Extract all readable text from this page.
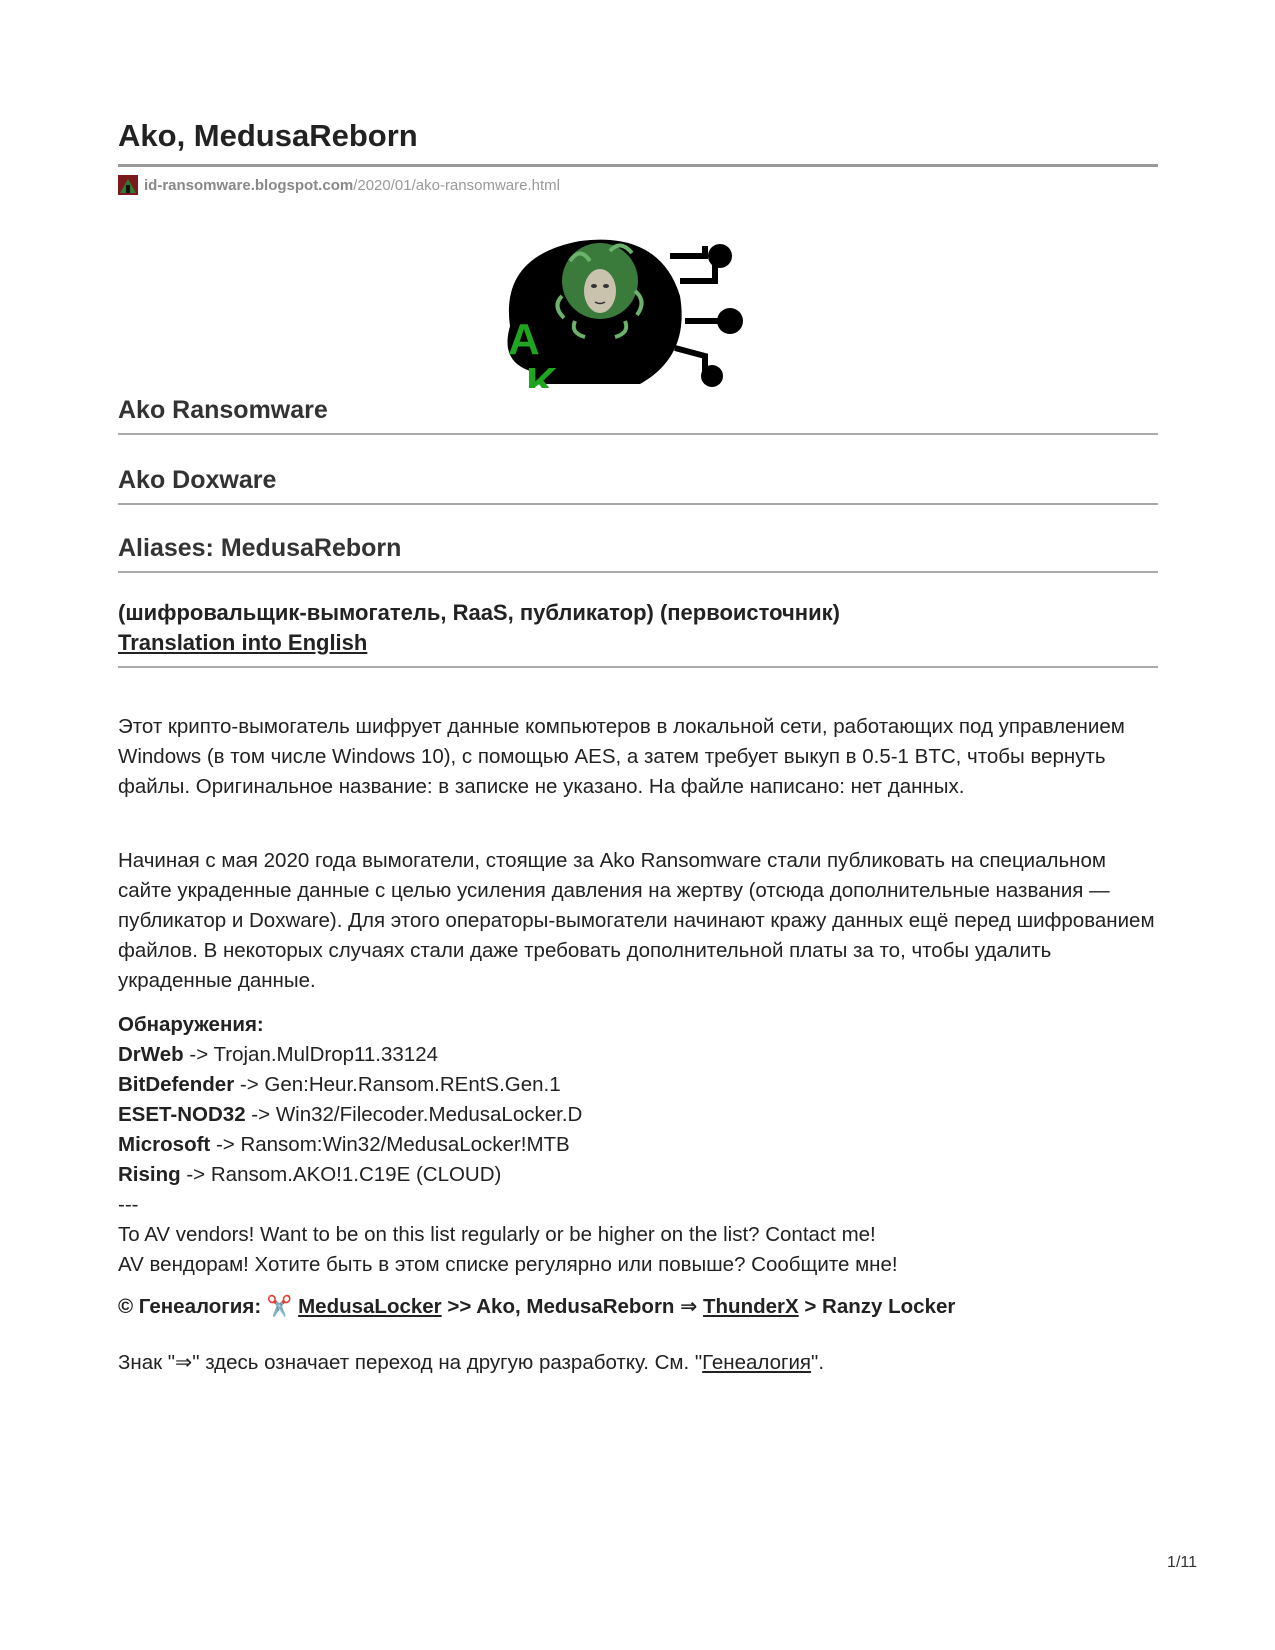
Ako, MedusaReborn
id-ransomware.blogspot.com/2020/01/ako-ransomware.html
A
K
Ako Ransomware
Ako Doxware
Aliases: MedusaReborn
(шифровальщик-вымогатель, RaaS, публикатор) (первоисточник)
Translation into English
Этот крипто-вымогатель шифрует данные компьютеров в локальной сети, работающих под управлением Windows (в том числе Windows 10), с помощью AES, а затем требует выкуп в 0.5-1 BTC, чтобы вернуть файлы. Оригинальное название: в записке не указано. На файле написано: нет данных.
Начиная с мая 2020 года вымогатели, стоящие за Ako Ransomware стали публиковать на специальном сайте украденные данные с целью усиления давления на жертву (отсюда дополнительные названия — публикатор и Doxware). Для этого операторы-вымогатели начинают кражу данных ещё перед шифрованием файлов. В некоторых случаях стали даже требовать дополнительной платы за то, чтобы удалить украденные данные.
Обнаружения:
DrWeb -> Trojan.MulDrop11.33124
BitDefender -> Gen:Heur.Ransom.REntS.Gen.1
ESET-NOD32 -> Win32/Filecoder.MedusaLocker.D
Microsoft -> Ransom:Win32/MedusaLocker!MTB
Rising -> Ransom.AKO!1.C19E (CLOUD)
---
To AV vendors! Want to be on this list regularly or be higher on the list? Contact me!
AV вендорам! Хотите быть в этом списке регулярно или повыше? Сообщите мне!
© Генеалогия: ✂️ MedusaLocker >> Ako, MedusaReborn ⇒ ThunderX > Ranzy Locker
Знак "⇒" здесь означает переход на другую разработку. См. "Генеалогия".
1/11
